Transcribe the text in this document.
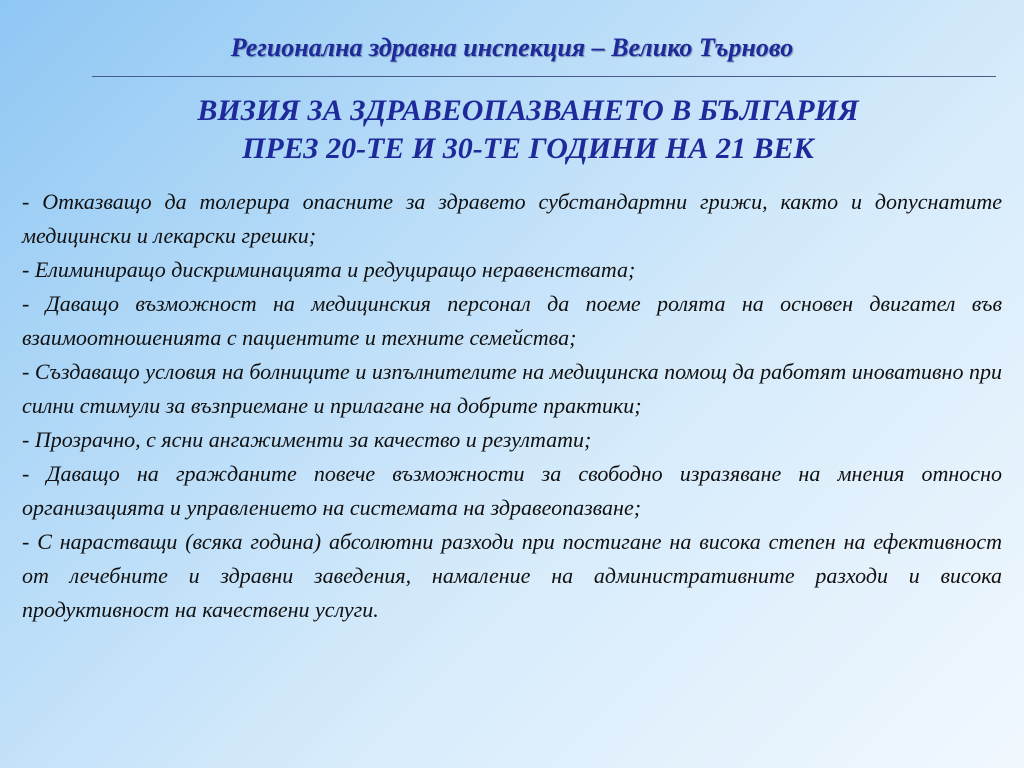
Регионална здравна инспекция – Велико Търново
ВИЗИЯ ЗА ЗДРАВЕОПАЗВАНЕТО В БЪЛГАРИЯ
ПРЕЗ 20-ТЕ И 30-ТЕ ГОДИНИ НА 21 ВЕК
- Отказващо да толерира опасните за здравето субстандартни грижи, както и допуснатите медицински и лекарски грешки;
- Елиминиращо дискриминацията и редуциращо неравенствата;
- Даващо възможност на медицинския персонал да поеме ролята на основен двигател във взаимоотношенията с пациентите и техните семейства;
- Създаващо условия на болниците и изпълнителите на медицинска помощ да работят иновативно при силни стимули за възприемане и прилагане на добрите практики;
- Прозрачно, с ясни ангажименти за качество и резултати;
- Даващо на гражданите повече възможности за свободно изразяване на мнения относно организацията и управлението на системата на здравеопазване;
- С нарастващи (всяка година) абсолютни разходи при постигане на висока степен на ефективност от лечебните и здравни заведения, намаление на административните разходи и висока продуктивност на качествени услуги.
